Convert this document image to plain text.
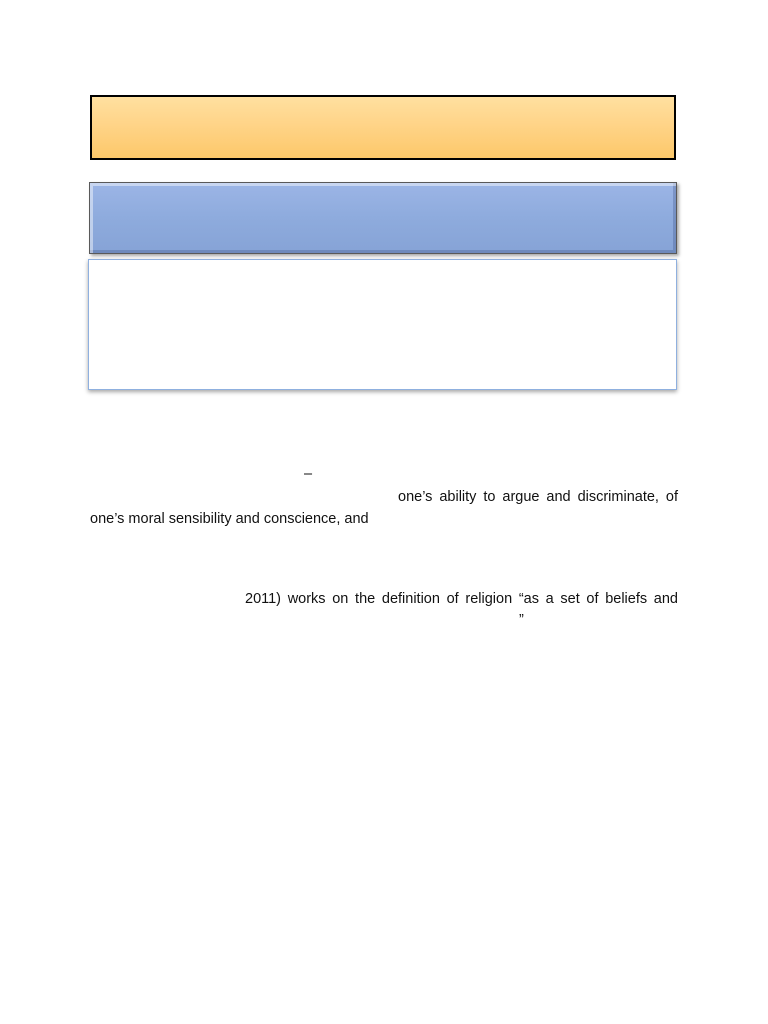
–
one’s ability to argue and discriminate, of
one’s moral sensibility and conscience, and
2011) works on the definition of religion “as a set of beliefs and
”
